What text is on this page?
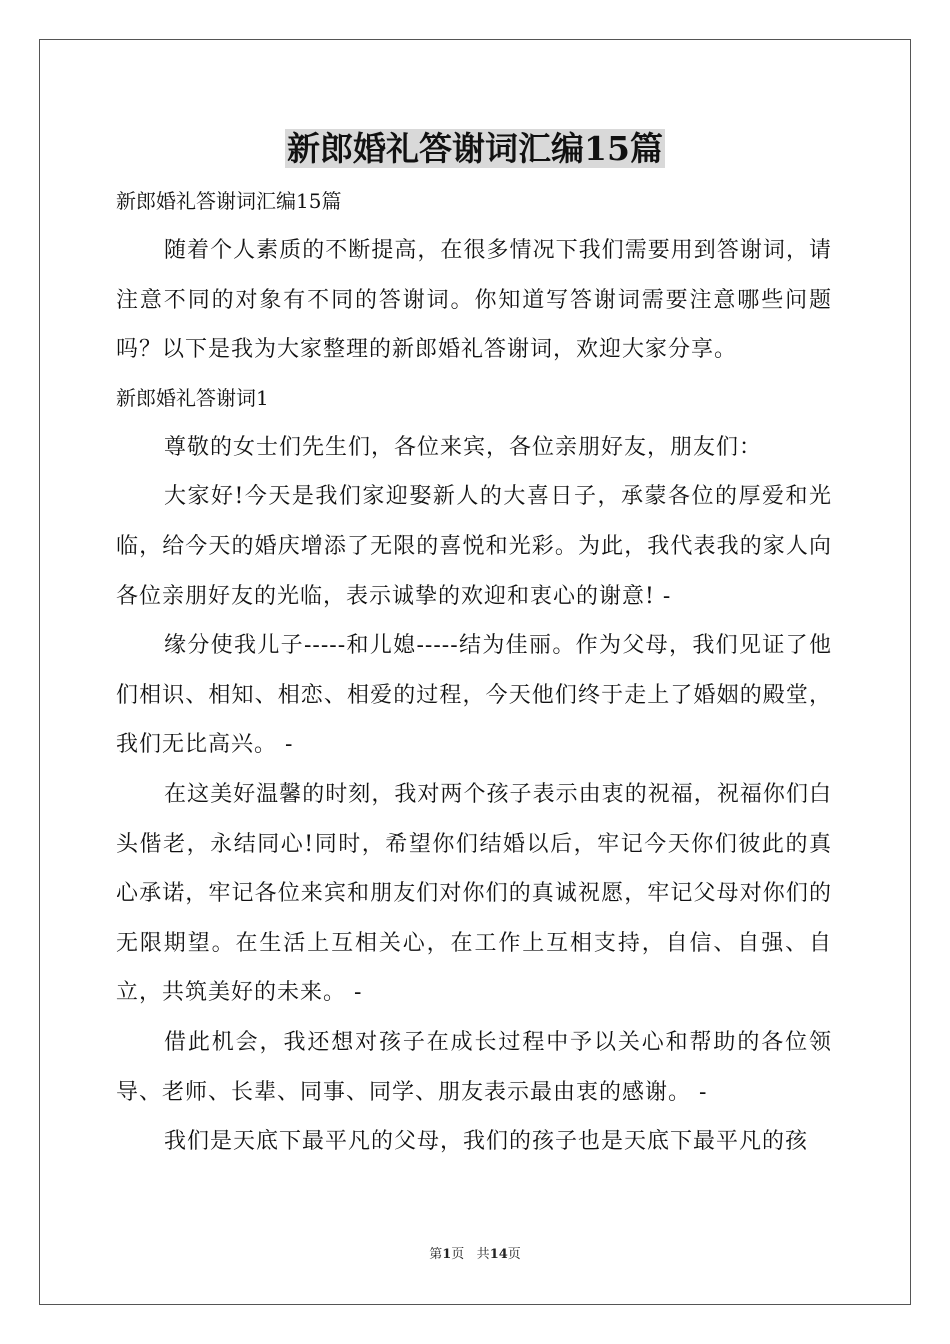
新郎婚礼答谢词汇编15篇

新郎婚礼答谢词汇编15篇

随着个人素质的不断提高，在很多情况下我们需要用到答谢词，请注意不同的对象有不同的答谢词。你知道写答谢词需要注意哪些问题吗？以下是我为大家整理的新郎婚礼答谢词，欢迎大家分享。

新郎婚礼答谢词1

尊敬的女士们先生们，各位来宾，各位亲朋好友，朋友们：

大家好!今天是我们家迎娶新人的大喜日子，承蒙各位的厚爱和光临，给今天的婚庆增添了无限的喜悦和光彩。为此，我代表我的家人向各位亲朋好友的光临，表示诚挚的欢迎和衷心的谢意! -

缘分使我儿子-----和儿媳-----结为佳丽。作为父母，我们见证了他们相识、相知、相恋、相爱的过程，今天他们终于走上了婚姻的殿堂，我们无比高兴。 -

在这美好温馨的时刻，我对两个孩子表示由衷的祝福，祝福你们白头偕老，永结同心!同时，希望你们结婚以后，牢记今天你们彼此的真心承诺，牢记各位来宾和朋友们对你们的真诚祝愿，牢记父母对你们的无限期望。在生活上互相关心，在工作上互相支持，自信、自强、自立，共筑美好的未来。 -

借此机会，我还想对孩子在成长过程中予以关心和帮助的各位领导、老师、长辈、同事、同学、朋友表示最由衷的感谢。 -

我们是天底下最平凡的父母，我们的孩子也是天底下最平凡的孩

第1页 共14页
